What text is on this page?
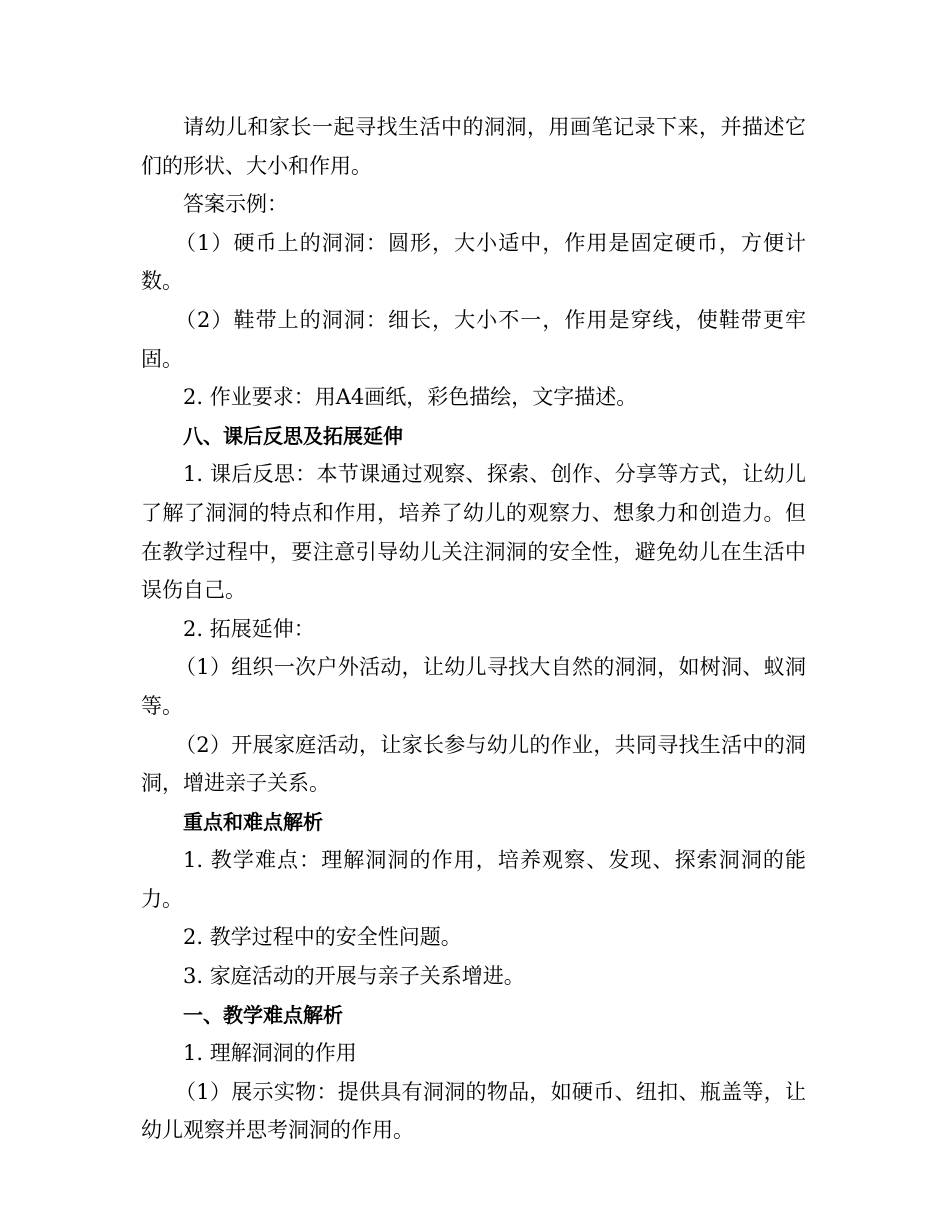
请幼儿和家长一起寻找生活中的洞洞，用画笔记录下来，并描述它们的形状、大小和作用。

答案示例：

（1）硬币上的洞洞：圆形，大小适中，作用是固定硬币，方便计数。

（2）鞋带上的洞洞：细长，大小不一，作用是穿线，使鞋带更牢固。

2. 作业要求：用A4画纸，彩色描绘，文字描述。

八、课后反思及拓展延伸

1. 课后反思：本节课通过观察、探索、创作、分享等方式，让幼儿了解了洞洞的特点和作用，培养了幼儿的观察力、想象力和创造力。但在教学过程中，要注意引导幼儿关注洞洞的安全性，避免幼儿在生活中误伤自己。

2. 拓展延伸：

（1）组织一次户外活动，让幼儿寻找大自然的洞洞，如树洞、蚁洞等。

（2）开展家庭活动，让家长参与幼儿的作业，共同寻找生活中的洞洞，增进亲子关系。

重点和难点解析

1. 教学难点：理解洞洞的作用，培养观察、发现、探索洞洞的能力。

2. 教学过程中的安全性问题。

3. 家庭活动的开展与亲子关系增进。

一、教学难点解析

1. 理解洞洞的作用

（1）展示实物：提供具有洞洞的物品，如硬币、纽扣、瓶盖等，让幼儿观察并思考洞洞的作用。
